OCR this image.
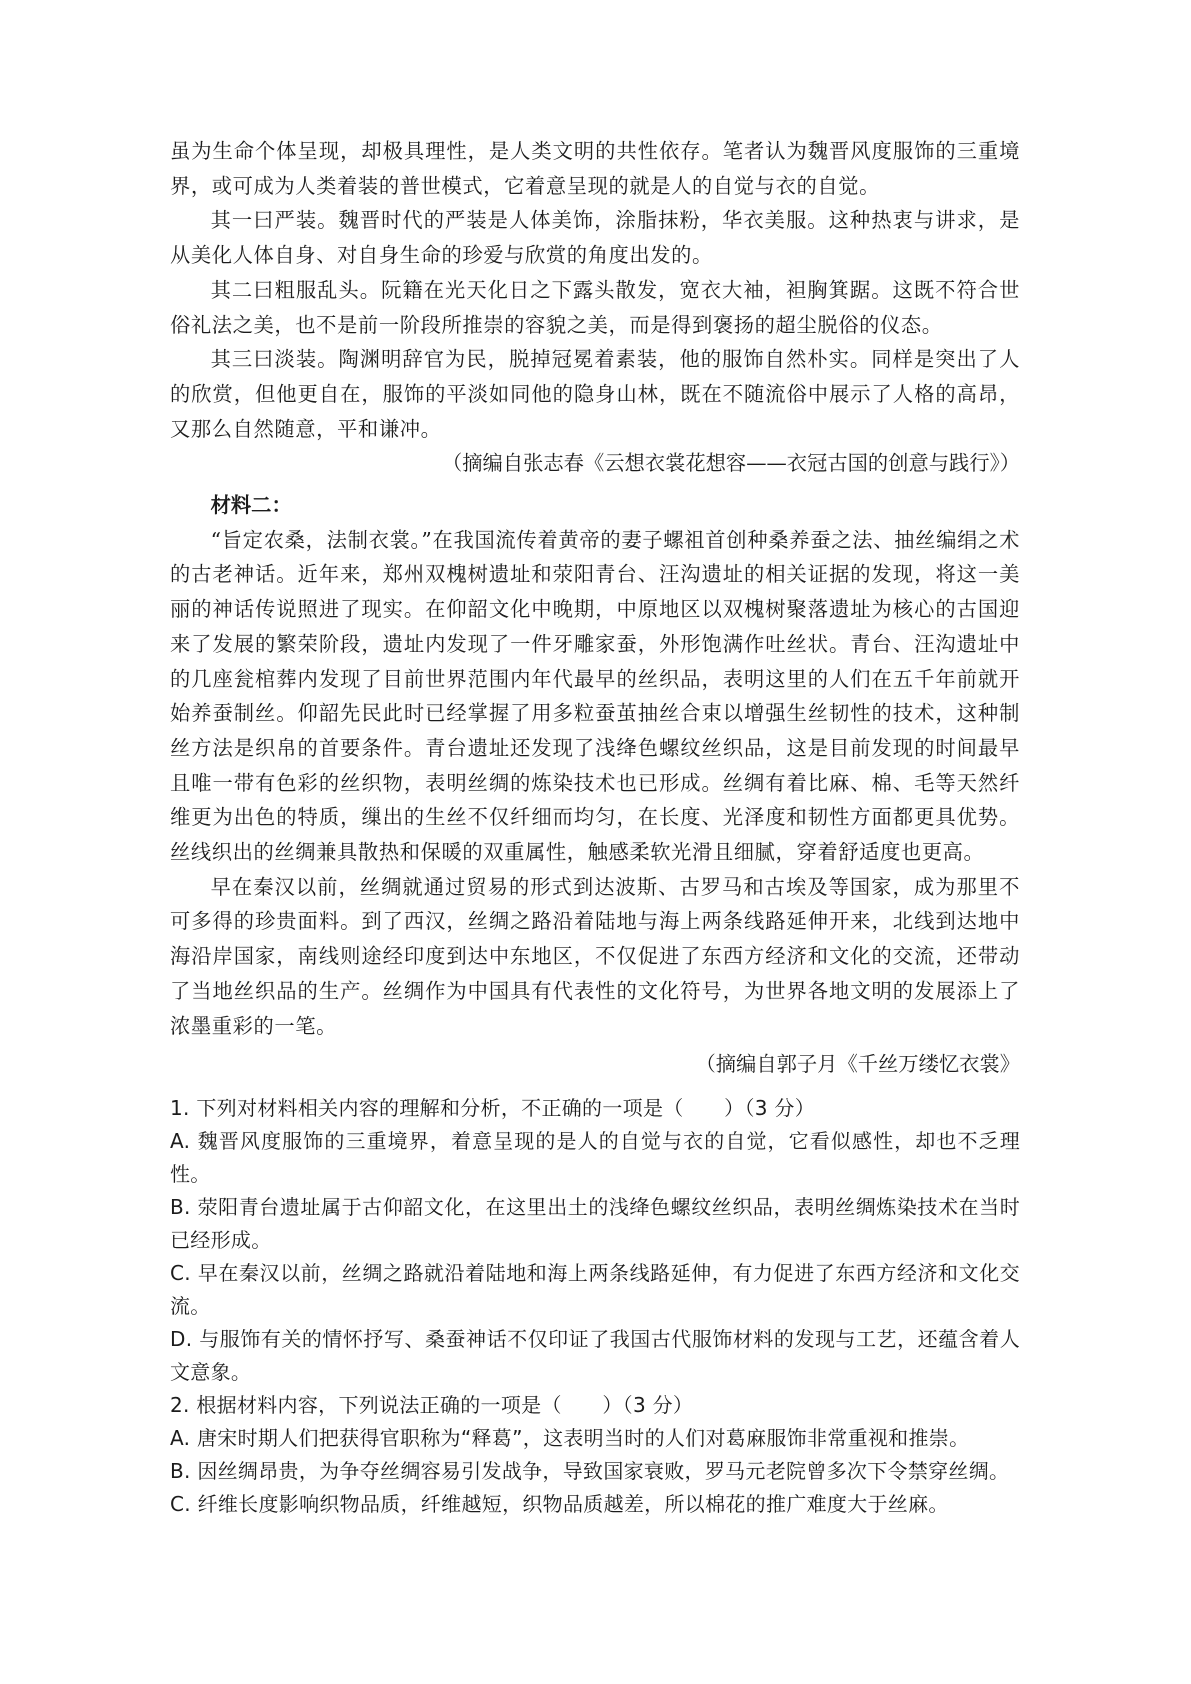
虽为生命个体呈现，却极具理性，是人类文明的共性依存。笔者认为魏晋风度服饰的三重境界，或可成为人类着装的普世模式，它着意呈现的就是人的自觉与衣的自觉。

其一曰严装。魏晋时代的严装是人体美饰，涂脂抹粉，华衣美服。这种热衷与讲求，是从美化人体自身、对自身生命的珍爱与欣赏的角度出发的。

其二曰粗服乱头。阮籍在光天化日之下露头散发，宽衣大袖，袒胸箕踞。这既不符合世俗礼法之美，也不是前一阶段所推崇的容貌之美，而是得到褒扬的超尘脱俗的仪态。

其三曰淡装。陶渊明辞官为民，脱掉冠冕着素装，他的服饰自然朴实。同样是突出了人的欣赏，但他更自在，服饰的平淡如同他的隐身山林，既在不随流俗中展示了人格的高昂，又那么自然随意，平和谦冲。

（摘编自张志春《云想衣裳花想容——衣冠古国的创意与践行》）

材料二：

“旨定农桑，法制衣裳。”在我国流传着黄帝的妻子螺祖首创种桑养蚕之法、抽丝编绢之术的古老神话。近年来，郑州双槐树遗址和荥阳青台、汪沟遗址的相关证据的发现，将这一美丽的神话传说照进了现实。在仰韶文化中晚期，中原地区以双槐树聚落遗址为核心的古国迎来了发展的繁荣阶段，遗址内发现了一件牙雕家蚕，外形饱满作吐丝状。青台、汪沟遗址中的几座瓮棺葬内发现了目前世界范围内年代最早的丝织品，表明这里的人们在五千年前就开始养蚕制丝。仰韶先民此时已经掌握了用多粒蚕茧抽丝合束以增强生丝韧性的技术，这种制丝方法是织帛的首要条件。青台遗址还发现了浅绛色螺纹丝织品，这是目前发现的时间最早且唯一带有色彩的丝织物，表明丝绸的炼染技术也已形成。丝绸有着比麻、棉、毛等天然纤维更为出色的特质，缫出的生丝不仅纤细而均匀，在长度、光泽度和韧性方面都更具优势。丝线织出的丝绸兼具散热和保暖的双重属性，触感柔软光滑且细腻，穿着舒适度也更高。

早在秦汉以前，丝绸就通过贸易的形式到达波斯、古罗马和古埃及等国家，成为那里不可多得的珍贵面料。到了西汉，丝绸之路沿着陆地与海上两条线路延伸开来，北线到达地中海沿岸国家，南线则途经印度到达中东地区，不仅促进了东西方经济和文化的交流，还带动了当地丝织品的生产。丝绸作为中国具有代表性的文化符号，为世界各地文明的发展添上了浓墨重彩的一笔。

（摘编自郭子月《千丝万缕忆衣裳》

1. 下列对材料相关内容的理解和分析，不正确的一项是（　　）（3 分）

A. 魏晋风度服饰的三重境界，着意呈现的是人的自觉与衣的自觉，它看似感性，却也不乏理性。

B. 荥阳青台遗址属于古仰韶文化，在这里出土的浅绛色螺纹丝织品，表明丝绸炼染技术在当时已经形成。

C. 早在秦汉以前，丝绸之路就沿着陆地和海上两条线路延伸，有力促进了东西方经济和文化交流。

D. 与服饰有关的情怀抒写、桑蚕神话不仅印证了我国古代服饰材料的发现与工艺，还蕴含着人文意象。

2. 根据材料内容，下列说法正确的一项是（　　）（3 分）

A. 唐宋时期人们把获得官职称为“释葛”，这表明当时的人们对葛麻服饰非常重视和推崇。

B. 因丝绸昂贵，为争夺丝绸容易引发战争，导致国家衰败，罗马元老院曾多次下令禁穿丝绸。

C. 纤维长度影响织物品质，纤维越短，织物品质越差，所以棉花的推广难度大于丝麻。
